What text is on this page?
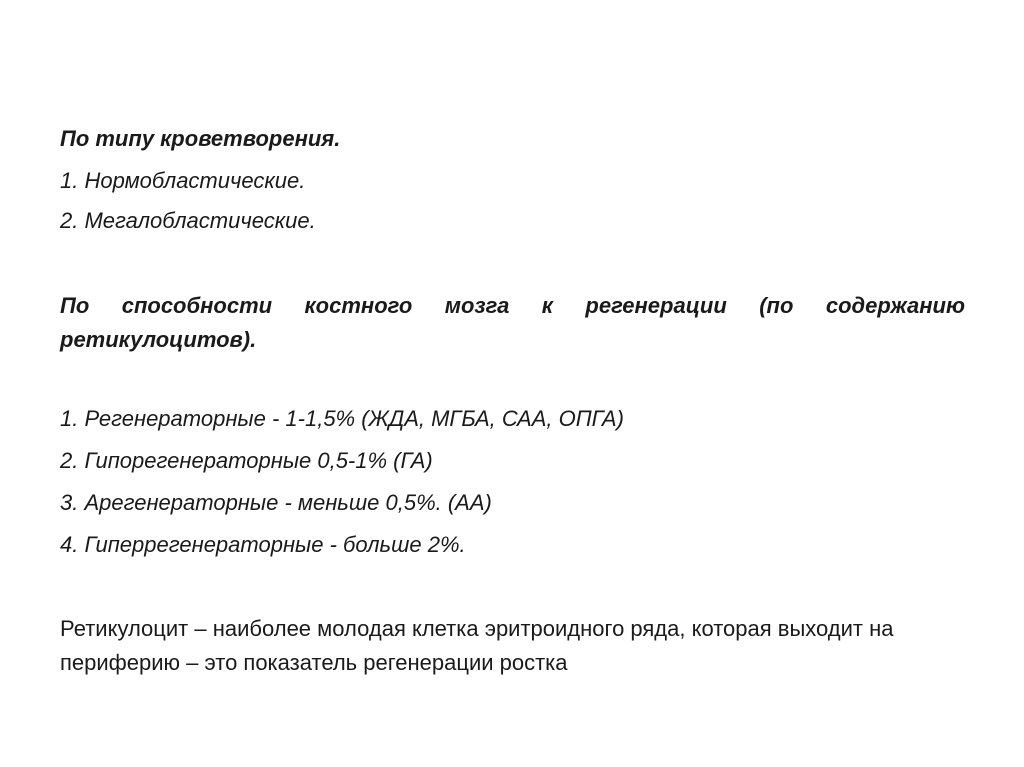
По типу кроветворения.
1. Нормобластические.
2. Мегалобластические.
По способности костного мозга к регенерации (по содержанию ретикулоцитов).
1. Регенераторные - 1-1,5% (ЖДА, МГБА, САА, ОПГА)
2. Гипорегенераторные 0,5-1% (ГА)
3. Арегенераторные - меньше 0,5%. (АА)
4. Гиперрегенераторные - больше 2%.
Ретикулоцит – наиболее молодая клетка эритроидного ряда, которая выходит на периферию – это показатель регенерации ростка
